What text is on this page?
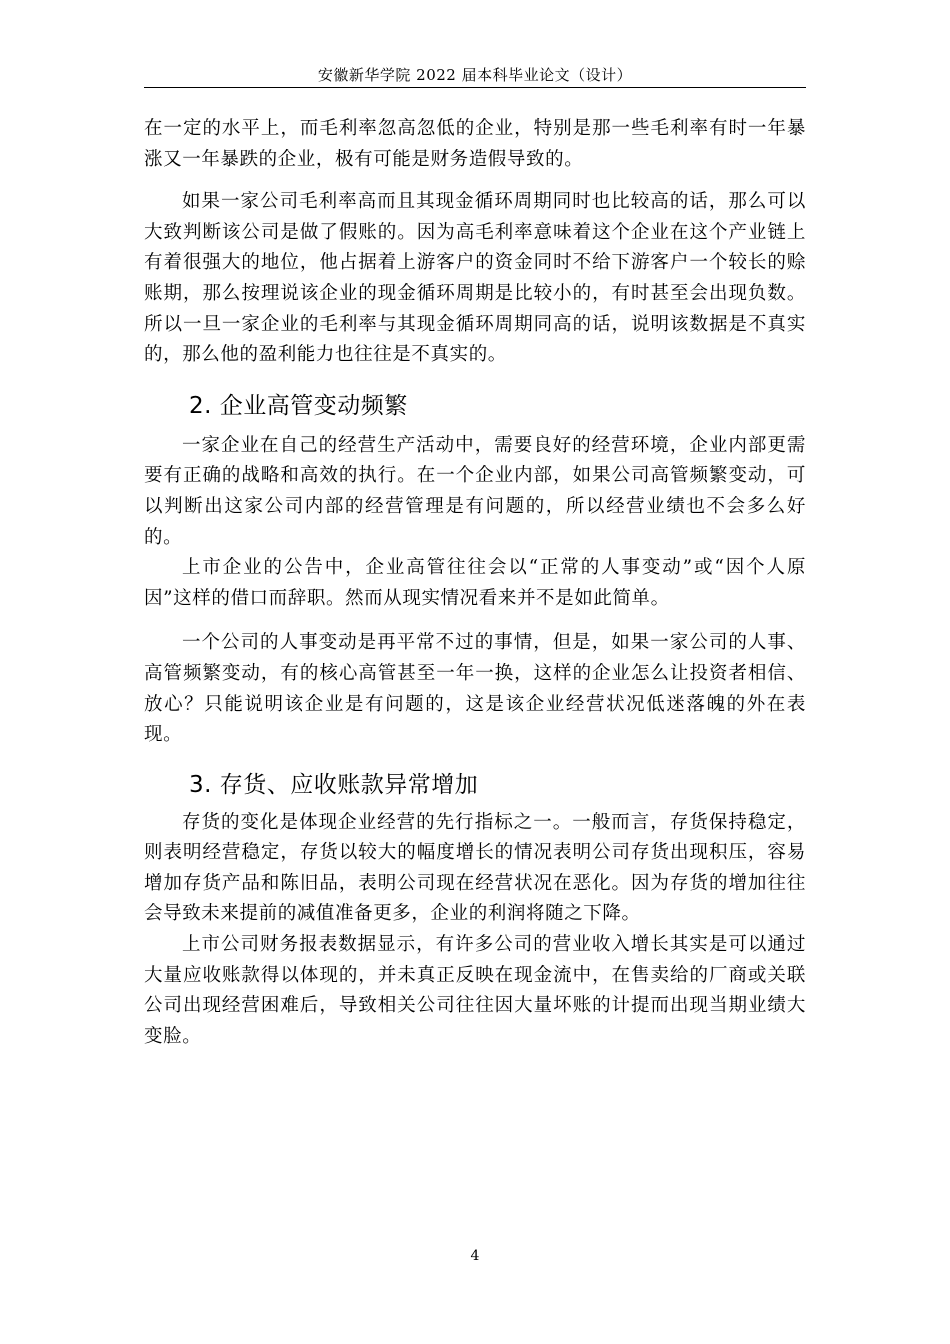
安徽新华学院 2022 届本科毕业论文（设计）

在一定的水平上，而毛利率忽高忽低的企业，特别是那一些毛利率有时一年暴涨又一年暴跌的企业，极有可能是财务造假导致的。

如果一家公司毛利率高而且其现金循环周期同时也比较高的话，那么可以大致判断该公司是做了假账的。因为高毛利率意味着这个企业在这个产业链上有着很强大的地位，他占据着上游客户的资金同时不给下游客户一个较长的赊账期，那么按理说该企业的现金循环周期是比较小的，有时甚至会出现负数。所以一旦一家企业的毛利率与其现金循环周期同高的话，说明该数据是不真实的，那么他的盈利能力也往往是不真实的。

2. 企业高管变动频繁

一家企业在自己的经营生产活动中，需要良好的经营环境，企业内部更需要有正确的战略和高效的执行。在一个企业内部，如果公司高管频繁变动，可以判断出这家公司内部的经营管理是有问题的，所以经营业绩也不会多么好的。

上市企业的公告中，企业高管往往会以“正常的人事变动”或“因个人原因”这样的借口而辞职。然而从现实情况看来并不是如此简单。

一个公司的人事变动是再平常不过的事情，但是，如果一家公司的人事、高管频繁变动，有的核心高管甚至一年一换，这样的企业怎么让投资者相信、放心？只能说明该企业是有问题的，这是该企业经营状况低迷落魄的外在表现。

3. 存货、应收账款异常增加

存货的变化是体现企业经营的先行指标之一。一般而言，存货保持稳定，则表明经营稳定，存货以较大的幅度增长的情况表明公司存货出现积压，容易增加存货产品和陈旧品，表明公司现在经营状况在恶化。因为存货的增加往往会导致未来提前的减值准备更多，企业的利润将随之下降。

上市公司财务报表数据显示，有许多公司的营业收入增长其实是可以通过大量应收账款得以体现的，并未真正反映在现金流中，在售卖给的厂商或关联公司出现经营困难后，导致相关公司往往因大量坏账的计提而出现当期业绩大变脸。

4
